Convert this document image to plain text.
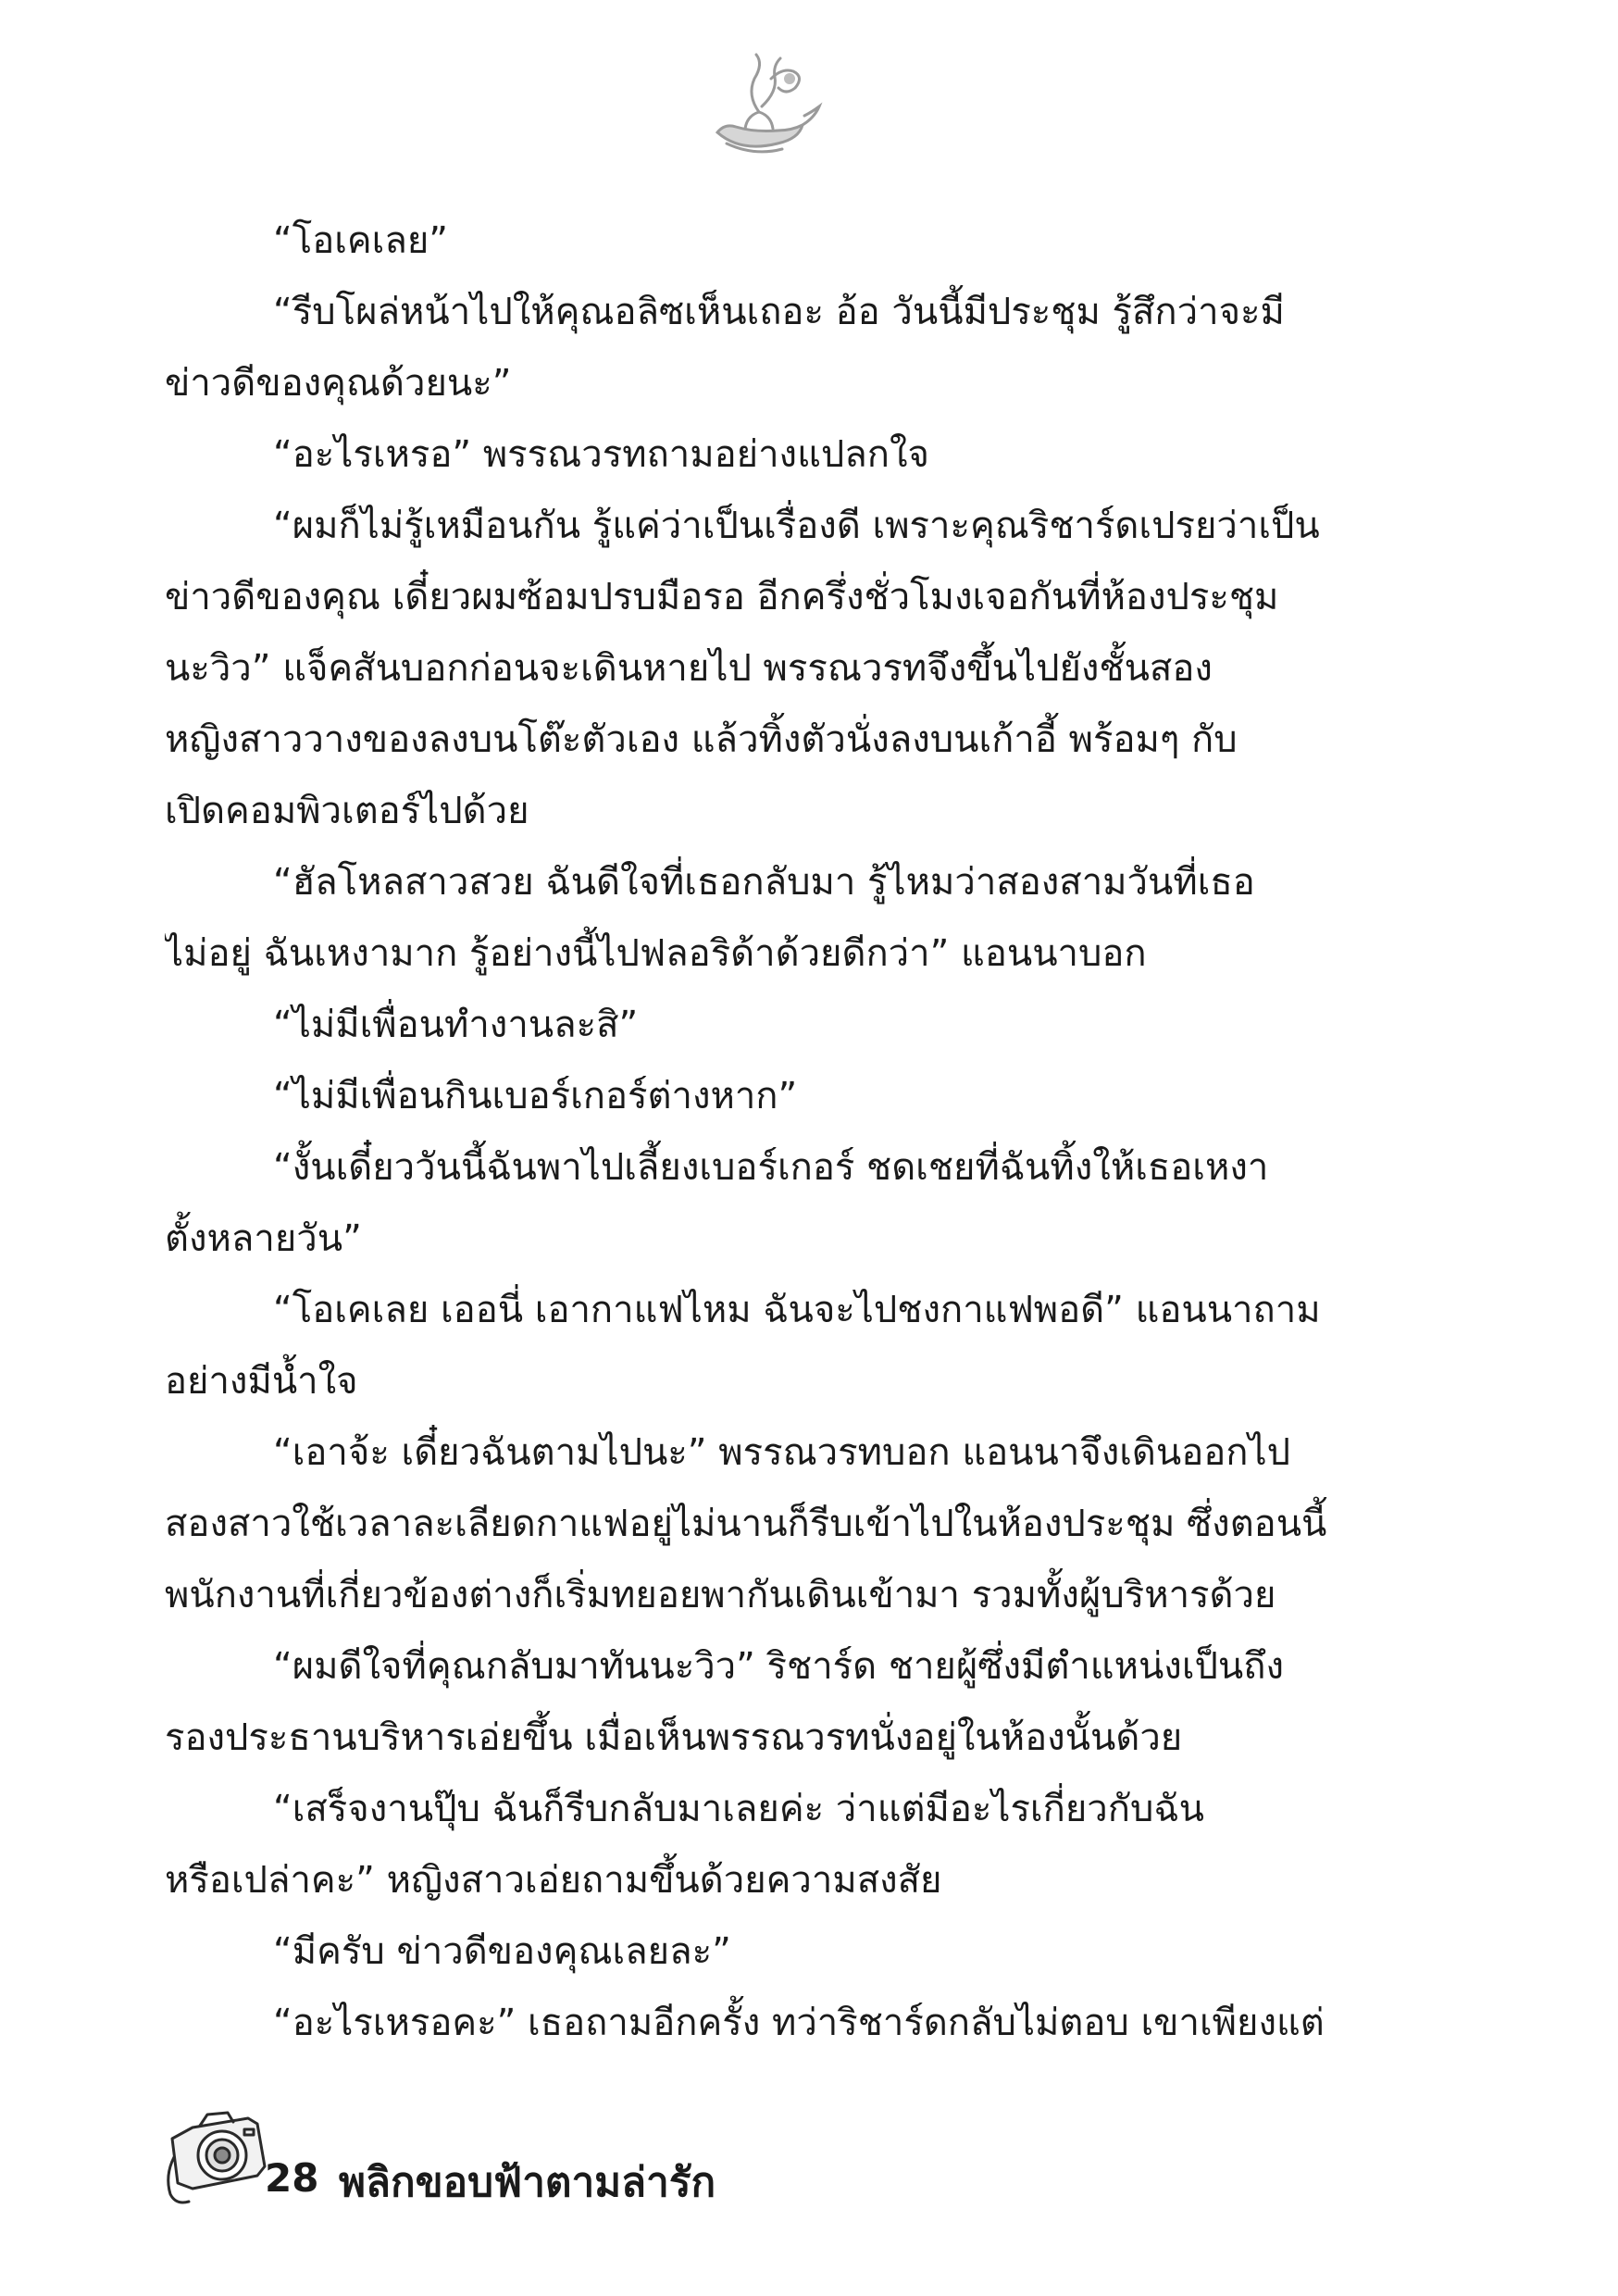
“โอเคเลย”
“รีบโผล่หน้าไปให้คุณอลิซเห็นเถอะ อ้อ วันนี้มีประชุม รู้สึกว่าจะมี
ข่าวดีของคุณด้วยนะ”
“อะไรเหรอ” พรรณวรทถามอย่างแปลกใจ
“ผมก็ไม่รู้เหมือนกัน รู้แค่ว่าเป็นเรื่องดี เพราะคุณริชาร์ดเปรยว่าเป็น
ข่าวดีของคุณ เดี๋ยวผมซ้อมปรบมือรอ อีกครึ่งชั่วโมงเจอกันที่ห้องประชุม
นะวิว” แจ็คสันบอกก่อนจะเดินหายไป พรรณวรทจึงขึ้นไปยังชั้นสอง
หญิงสาววางของลงบนโต๊ะตัวเอง แล้วทิ้งตัวนั่งลงบนเก้าอี้ พร้อมๆ กับ
เปิดคอมพิวเตอร์ไปด้วย
“ฮัลโหลสาวสวย ฉันดีใจที่เธอกลับมา รู้ไหมว่าสองสามวันที่เธอ
ไม่อยู่ ฉันเหงามาก รู้อย่างนี้ไปฟลอริด้าด้วยดีกว่า” แอนนาบอก
“ไม่มีเพื่อนทำงานละสิ”
“ไม่มีเพื่อนกินเบอร์เกอร์ต่างหาก”
“งั้นเดี๋ยววันนี้ฉันพาไปเลี้ยงเบอร์เกอร์ ชดเชยที่ฉันทิ้งให้เธอเหงา
ตั้งหลายวัน”
“โอเคเลย เออนี่ เอากาแฟไหม ฉันจะไปชงกาแฟพอดี” แอนนาถาม
อย่างมีน้ำใจ
“เอาจ้ะ เดี๋ยวฉันตามไปนะ” พรรณวรทบอก แอนนาจึงเดินออกไป
สองสาวใช้เวลาละเลียดกาแฟอยู่ไม่นานก็รีบเข้าไปในห้องประชุม ซึ่งตอนนี้
พนักงานที่เกี่ยวข้องต่างก็เริ่มทยอยพากันเดินเข้ามา รวมทั้งผู้บริหารด้วย
“ผมดีใจที่คุณกลับมาทันนะวิว” ริชาร์ด ชายผู้ซึ่งมีตำแหน่งเป็นถึง
รองประธานบริหารเอ่ยขึ้น เมื่อเห็นพรรณวรทนั่งอยู่ในห้องนั้นด้วย
“เสร็จงานปุ๊บ ฉันก็รีบกลับมาเลยค่ะ ว่าแต่มีอะไรเกี่ยวกับฉัน
หรือเปล่าคะ” หญิงสาวเอ่ยถามขึ้นด้วยความสงสัย
“มีครับ ข่าวดีของคุณเลยละ”
“อะไรเหรอคะ” เธอถามอีกครั้ง ทว่าริชาร์ดกลับไม่ตอบ เขาเพียงแต่
28 พลิกขอบฟ้าตามล่ารัก
